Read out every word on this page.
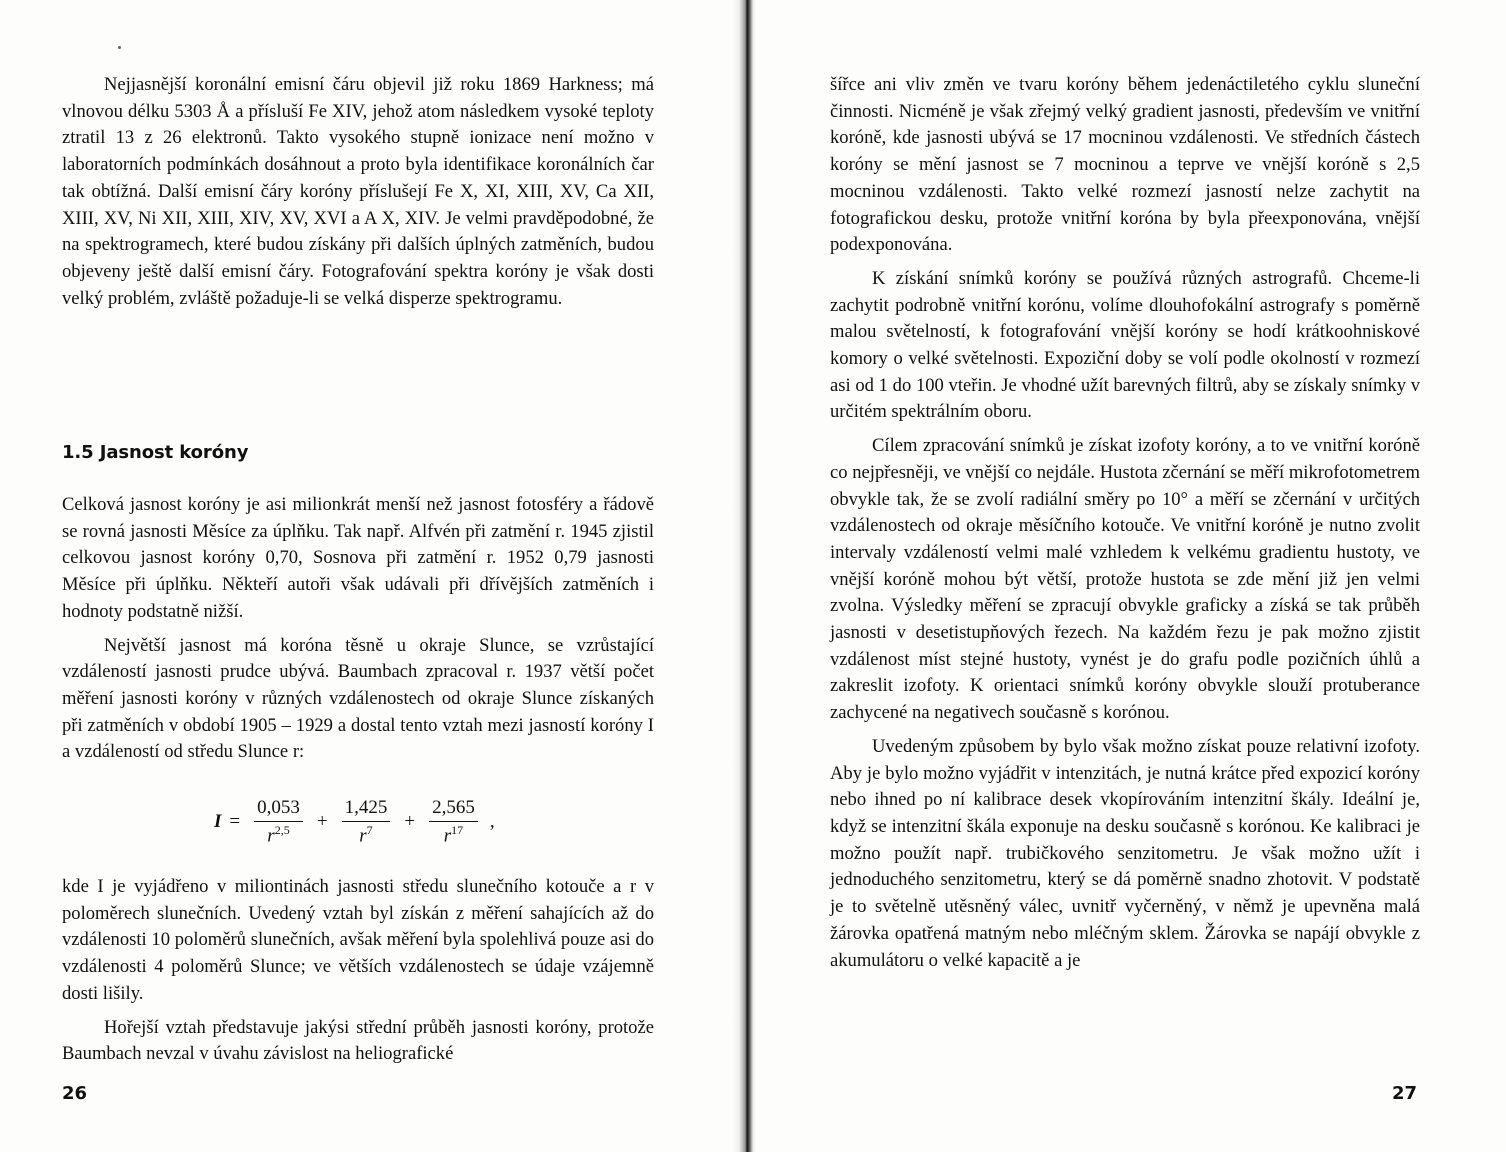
Nejjasnější koronální emisní čáru objevil již roku 1869 Harkness; má vlnovou délku 5303 Å a přísluší Fe XIV, jehož atom následkem vysoké teploty ztratil 13 z 26 elektronů. Takto vysokého stupně ionizace není možno v laboratorních podmínkách dosáhnout a proto byla identifikace koronálních čar tak obtížná. Další emisní čáry koróny příslušejí Fe X, XI, XIII, XV, Ca XII, XIII, XV, Ni XII, XIII, XIV, XV, XVI a A X, XIV. Je velmi pravděpodobné, že na spektrogramech, které budou získány při dalších úplných zatměních, budou objeveny ještě další emisní čáry. Fotografování spektra koróny je však dosti velký problém, zvláště požaduje-li se velká disperze spektrogramu.

1.5 Jasnost koróny

Celková jasnost koróny je asi milionkrát menší než jasnost fotosféry a řádově se rovná jasnosti Měsíce za úplňku. Tak např. Alfvén při zatmění r. 1945 zjistil celkovou jasnost koróny 0,70, Sosnova při zatmění r. 1952 0,79 jasnosti Měsíce při úplňku. Někteří autoři však udávali při dřívějších zatměních i hodnoty podstatně nižší.

Největší jasnost má koróna těsně u okraje Slunce, se vzrůstající vzdáleností jasnosti prudce ubývá. Baumbach zpracoval r. 1937 větší počet měření jasnosti koróny v různých vzdálenostech od okraje Slunce získaných při zatměních v období 1905 – 1929 a dostal tento vztah mezi jasností koróny I a vzdáleností od středu Slunce r:

$I = \frac{0,053}{r^{2,5}} + \frac{1,425}{r^7} + \frac{2,565}{r^{17}}$ ,

kde I je vyjádřeno v miliontinách jasnosti středu slunečního kotouče a r v poloměrech slunečních. Uvedený vztah byl získán z měření sahajících až do vzdálenosti 10 poloměrů slunečních, avšak měření byla spolehlivá pouze asi do vzdálenosti 4 poloměrů Slunce; ve větších vzdálenostech se údaje vzájemně dosti lišily.

Hořejší vztah představuje jakýsi střední průběh jasnosti koróny, protože Baumbach nevzal v úvahu závislost na heliografické

26

šířce ani vliv změn ve tvaru koróny během jedenáctiletého cyklu sluneční činnosti. Nicméně je však zřejmý velký gradient jasnosti, především ve vnitřní koróně, kde jasnosti ubývá se 17 mocninou vzdálenosti. Ve středních částech koróny se mění jasnost se 7 mocninou a teprve ve vnější koróně s 2,5 mocninou vzdálenosti. Takto velké rozmezí jasností nelze zachytit na fotografickou desku, protože vnitřní koróna by byla přeexponována, vnější podexponována.

K získání snímků koróny se používá různých astrografů. Chceme-li zachytit podrobně vnitřní korónu, volíme dlouhofokální astrografy s poměrně malou světelností, k fotografování vnější koróny se hodí krátkoohniskové komory o velké světelnosti. Expoziční doby se volí podle okolností v rozmezí asi od 1 do 100 vteřin. Je vhodné užít barevných filtrů, aby se získaly snímky v určitém spektrálním oboru.

Cílem zpracování snímků je získat izofoty koróny, a to ve vnitřní koróně co nejpřesněji, ve vnější co nejdále. Hustota zčernání se měří mikrofotometrem obvykle tak, že se zvolí radiální směry po 10° a měří se zčernání v určitých vzdálenostech od okraje měsíčního kotouče. Ve vnitřní koróně je nutno zvolit intervaly vzdáleností velmi malé vzhledem k velkému gradientu hustoty, ve vnější koróně mohou být větší, protože hustota se zde mění již jen velmi zvolna. Výsledky měření se zpracují obvykle graficky a získá se tak průběh jasnosti v desetistupňových řezech. Na každém řezu je pak možno zjistit vzdálenost míst stejné hustoty, vynést je do grafu podle pozičních úhlů a zakreslit izofoty. K orientaci snímků koróny obvykle slouží protuberance zachycené na negativech současně s korónou.

Uvedeným způsobem by bylo však možno získat pouze relativní izofoty. Aby je bylo možno vyjádřit v intenzitách, je nutná krátce před expozicí koróny nebo ihned po ní kalibrace desek vkopírováním intenzitní škály. Ideální je, když se intenzitní škála exponuje na desku současně s korónou. Ke kalibraci je možno použít např. trubičkového senzitometru. Je však možno užít i jednoduchého senzitometru, který se dá poměrně snadno zhotovit. V podstatě je to světelně utěsněný válec, uvnitř vyčerněný, v němž je upevněna malá žárovka opatřená matným nebo mléčným sklem. Žárovka se napájí obvykle z akumulátoru o velké kapacitě a je

27
